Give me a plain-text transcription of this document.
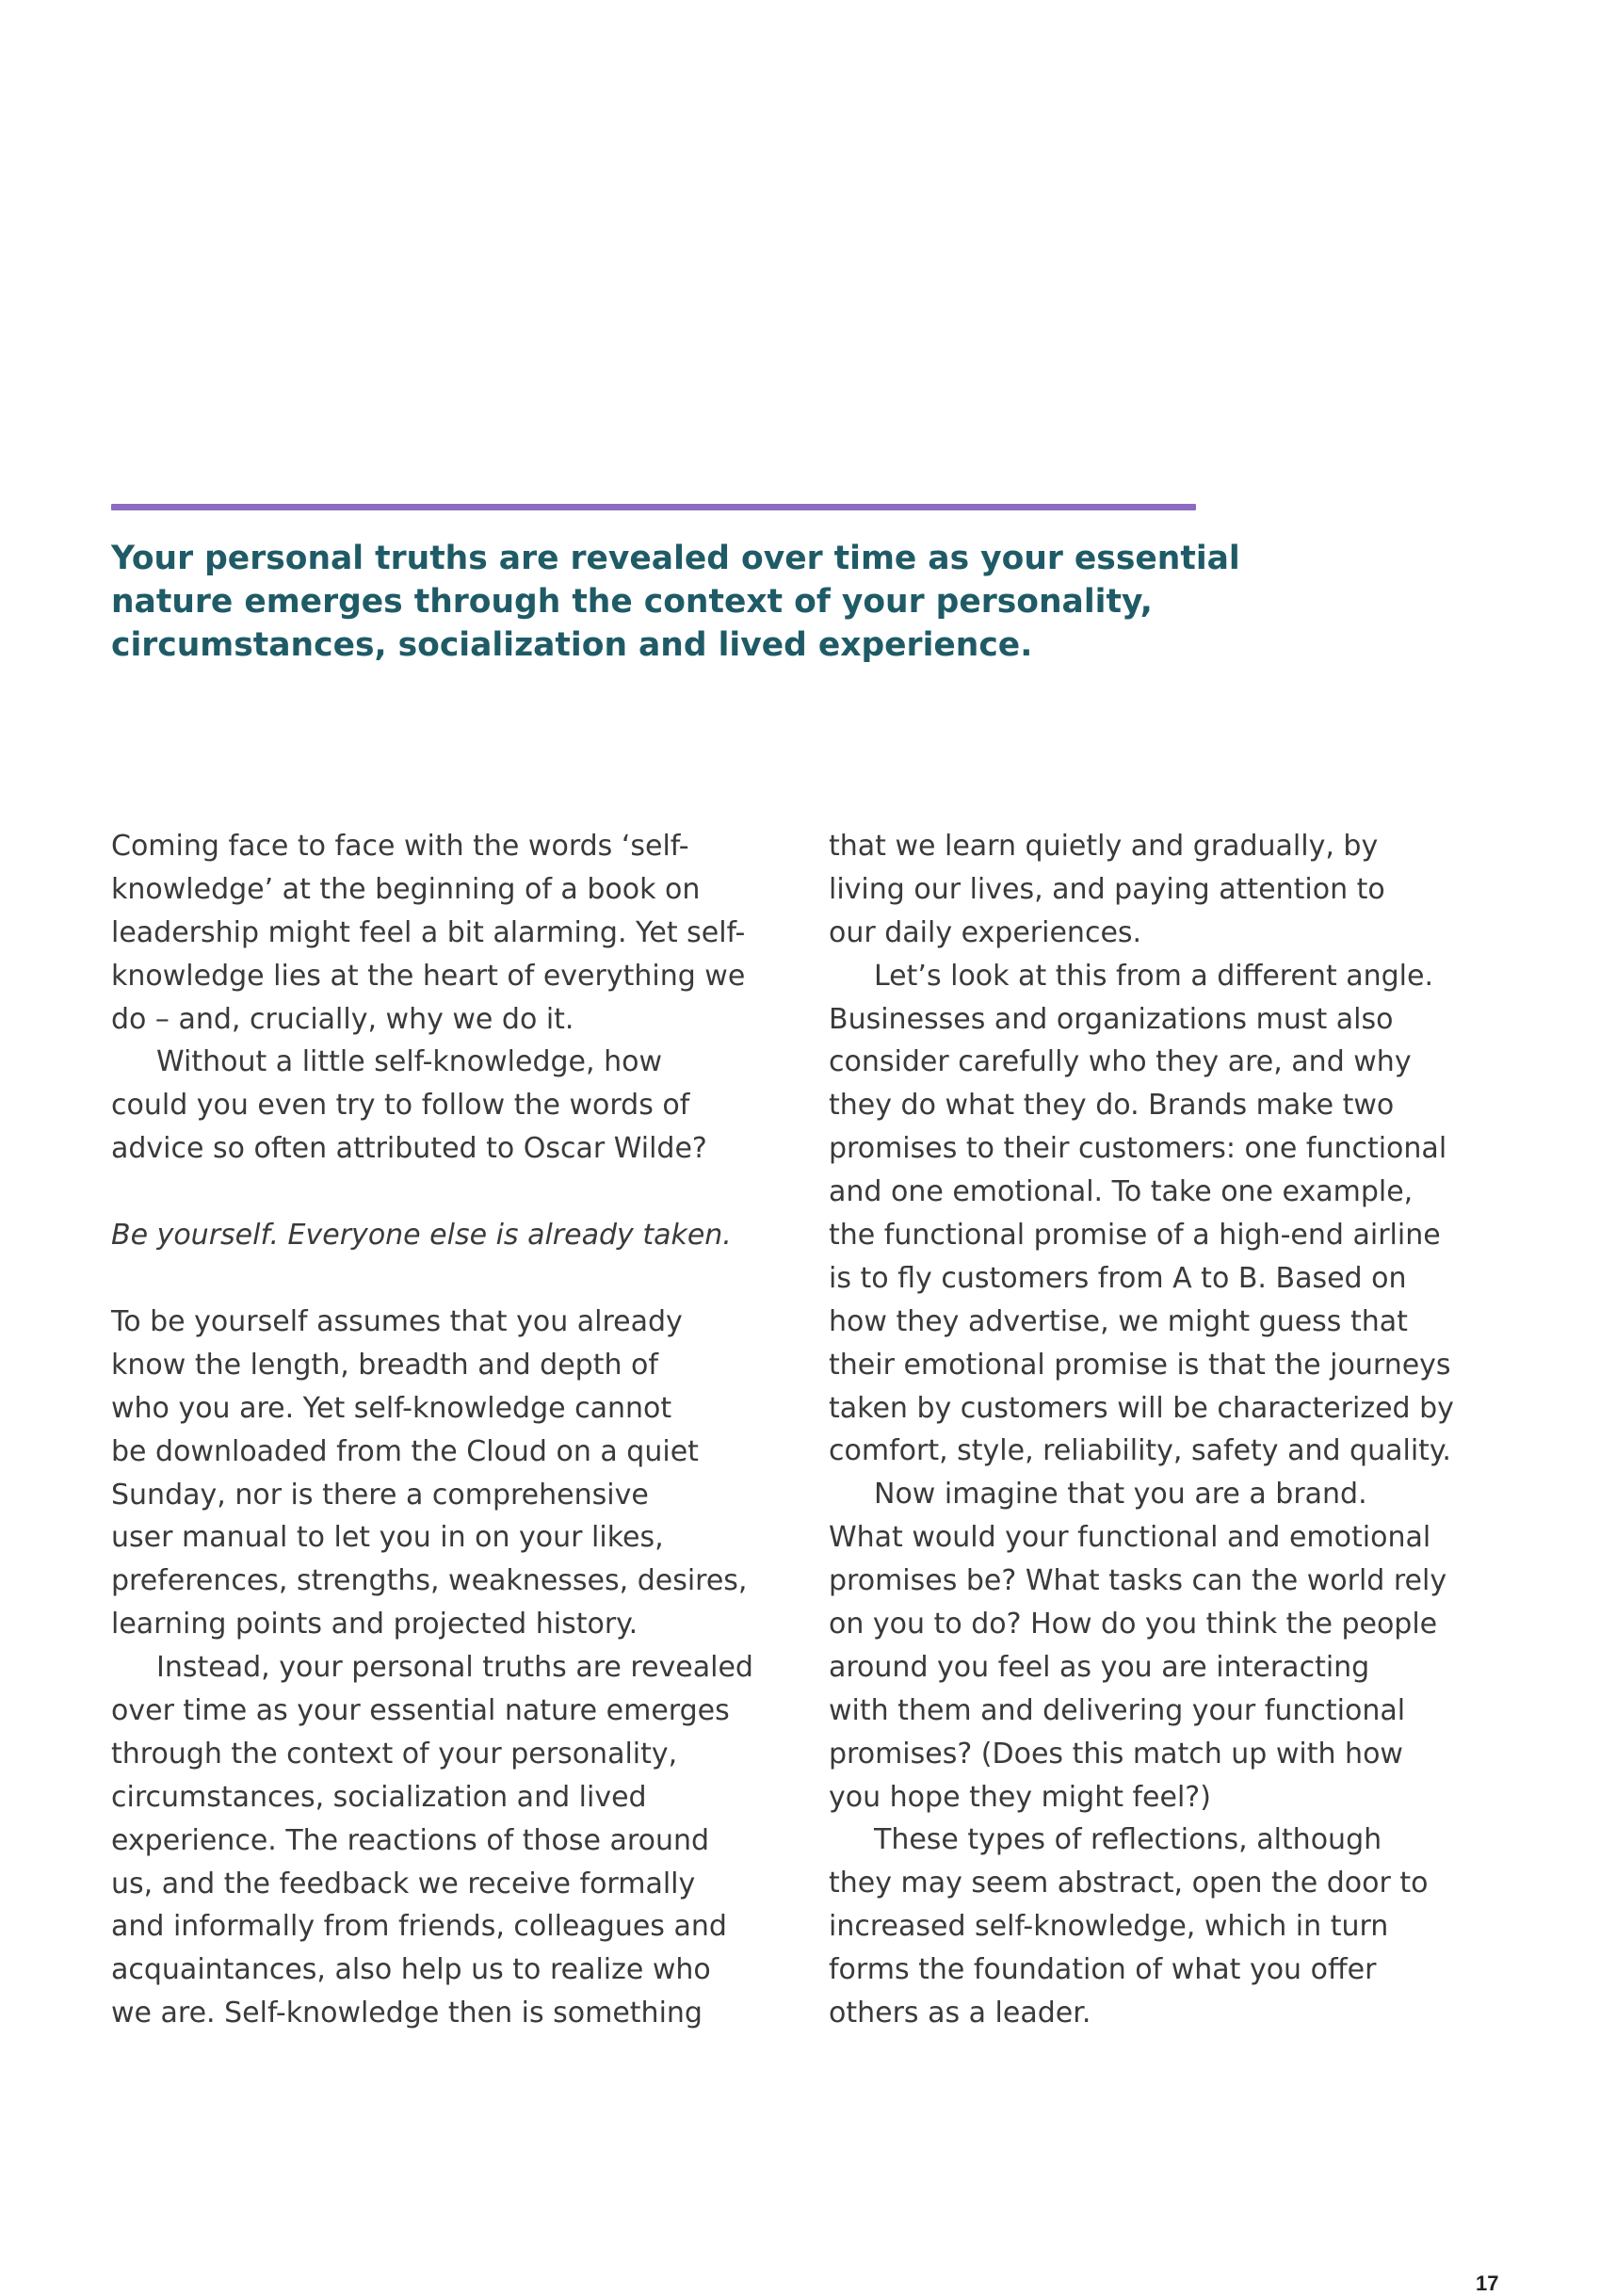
Your personal truths are revealed over time as your essential
nature emerges through the context of your personality,
circumstances, socialization and lived experience.
Coming face to face with the words ‘self-
knowledge’ at the beginning of a book on
leadership might feel a bit alarming. Yet self-
knowledge lies at the heart of everything we
do – and, crucially, why we do it.
Without a little self-knowledge, how
could you even try to follow the words of
advice so often attributed to Oscar Wilde?
Be yourself. Everyone else is already taken.
To be yourself assumes that you already
know the length, breadth and depth of
who you are. Yet self-knowledge cannot
be downloaded from the Cloud on a quiet
Sunday, nor is there a comprehensive
user manual to let you in on your likes,
preferences, strengths, weaknesses, desires,
learning points and projected history.
Instead, your personal truths are revealed
over time as your essential nature emerges
through the context of your personality,
circumstances, socialization and lived
experience. The reactions of those around
us, and the feedback we receive formally
and informally from friends, colleagues and
acquaintances, also help us to realize who
we are. Self-knowledge then is something
that we learn quietly and gradually, by
living our lives, and paying attention to
our daily experiences.
Let’s look at this from a different angle.
Businesses and organizations must also
consider carefully who they are, and why
they do what they do. Brands make two
promises to their customers: one functional
and one emotional. To take one example,
the functional promise of a high-end airline
is to fly customers from A to B. Based on
how they advertise, we might guess that
their emotional promise is that the journeys
taken by customers will be characterized by
comfort, style, reliability, safety and quality.
Now imagine that you are a brand.
What would your functional and emotional
promises be? What tasks can the world rely
on you to do? How do you think the people
around you feel as you are interacting
with them and delivering your functional
promises? (Does this match up with how
you hope they might feel?)
These types of reflections, although
they may seem abstract, open the door to
increased self-knowledge, which in turn
forms the foundation of what you offer
others as a leader.
17
